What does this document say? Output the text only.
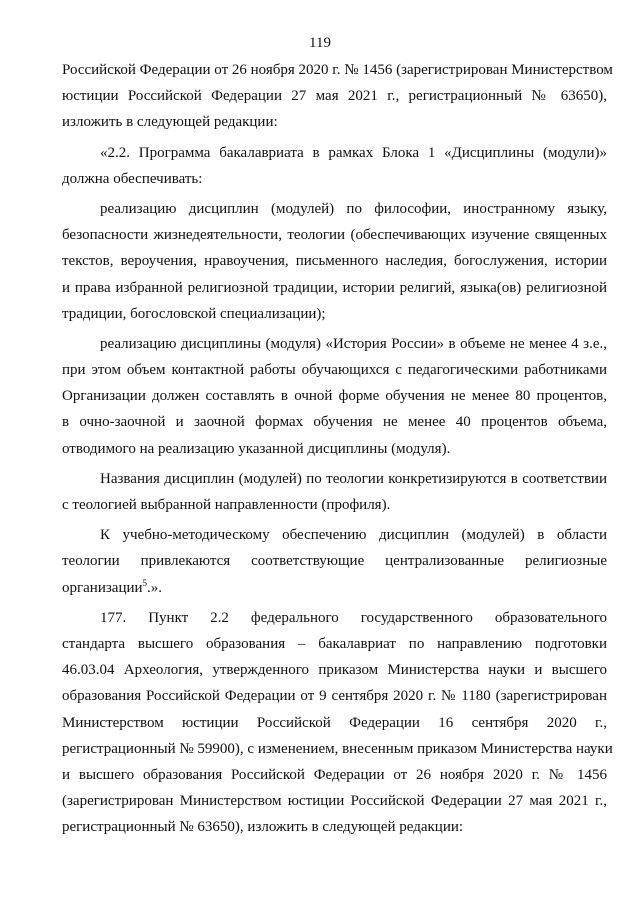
119
Российской Федерации от 26 ноября 2020 г. № 1456 (зарегистрирован Министерством
юстиции Российской Федерации 27 мая 2021 г., регистрационный № 63650),
изложить в следующей редакции:
«2.2. Программа бакалавриата в рамках Блока 1 «Дисциплины (модули)»
должна обеспечивать:
реализацию дисциплин (модулей) по философии, иностранному языку,
безопасности жизнедеятельности, теологии (обеспечивающих изучение священных
текстов, вероучения, нравоучения, письменного наследия, богослужения, истории
и права избранной религиозной традиции, истории религий, языка(ов) религиозной
традиции, богословской специализации);
реализацию дисциплины (модуля) «История России» в объеме не менее 4 з.е.,
при этом объем контактной работы обучающихся с педагогическими работниками
Организации должен составлять в очной форме обучения не менее 80 процентов,
в очно-заочной и заочной формах обучения не менее 40 процентов объема,
отводимого на реализацию указанной дисциплины (модуля).
Названия дисциплин (модулей) по теологии конкретизируются в соответствии
с теологией выбранной направленности (профиля).
К учебно-методическому обеспечению дисциплин (модулей) в области
теологии привлекаются соответствующие централизованные религиозные
организации$^5$.».
177. Пункт 2.2 федерального государственного образовательного
стандарта высшего образования – бакалавриат по направлению подготовки
46.03.04 Археология, утвержденного приказом Министерства науки и высшего
образования Российской Федерации от 9 сентября 2020 г. № 1180 (зарегистрирован
Министерством юстиции Российской Федерации 16 сентября 2020 г.,
регистрационный № 59900), с изменением, внесенным приказом Министерства науки
и высшего образования Российской Федерации от 26 ноября 2020 г. № 1456
(зарегистрирован Министерством юстиции Российской Федерации 27 мая 2021 г.,
регистрационный № 63650), изложить в следующей редакции:
